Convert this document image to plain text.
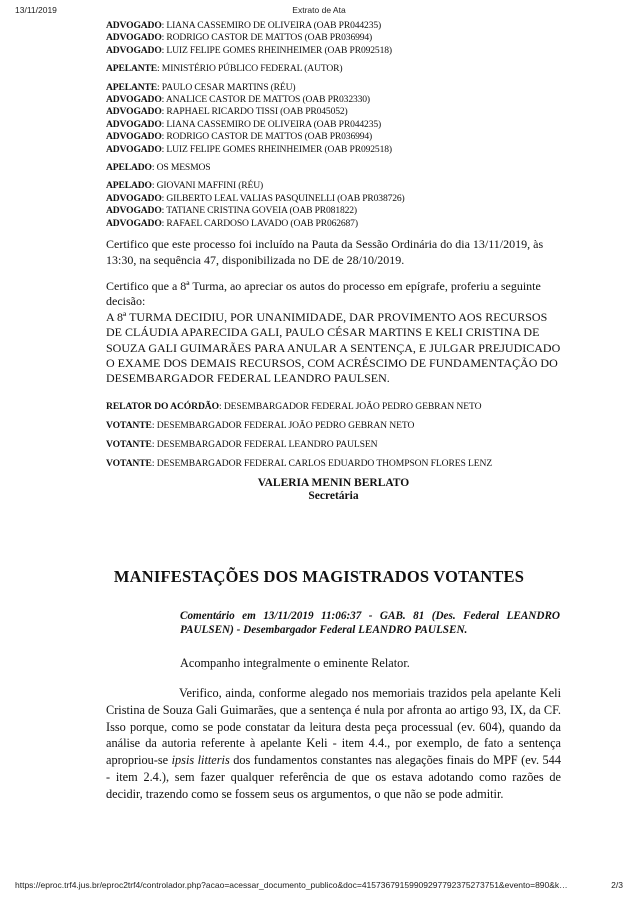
13/11/2019	Extrato de Ata
ADVOGADO: LIANA CASSEMIRO DE OLIVEIRA (OAB PR044235)
ADVOGADO: RODRIGO CASTOR DE MATTOS (OAB PR036994)
ADVOGADO: LUIZ FELIPE GOMES RHEINHEIMER (OAB PR092518)
APELANTE: MINISTÉRIO PÚBLICO FEDERAL (AUTOR)
APELANTE: PAULO CESAR MARTINS (RÉU)
ADVOGADO: ANALICE CASTOR DE MATTOS (OAB PR032330)
ADVOGADO: RAPHAEL RICARDO TISSI (OAB PR045052)
ADVOGADO: LIANA CASSEMIRO DE OLIVEIRA (OAB PR044235)
ADVOGADO: RODRIGO CASTOR DE MATTOS (OAB PR036994)
ADVOGADO: LUIZ FELIPE GOMES RHEINHEIMER (OAB PR092518)
APELADO: OS MESMOS
APELADO: GIOVANI MAFFINI (RÉU)
ADVOGADO: GILBERTO LEAL VALIAS PASQUINELLI (OAB PR038726)
ADVOGADO: TATIANE CRISTINA GOVEIA (OAB PR081822)
ADVOGADO: RAFAEL CARDOSO LAVADO (OAB PR062687)

Certifico que este processo foi incluído na Pauta da Sessão Ordinária do dia 13/11/2019, às 13:30, na sequência 47, disponibilizada no DE de 28/10/2019.

Certifico que a 8ª Turma, ao apreciar os autos do processo em epígrafe, proferiu a seguinte decisão:
A 8ª TURMA DECIDIU, POR UNANIMIDADE, DAR PROVIMENTO AOS RECURSOS DE CLÁUDIA APARECIDA GALI, PAULO CÉSAR MARTINS E KELI CRISTINA DE SOUZA GALI GUIMARÃES PARA ANULAR A SENTENÇA, E JULGAR PREJUDICADO O EXAME DOS DEMAIS RECURSOS, COM ACRÉSCIMO DE FUNDAMENTAÇÃO DO DESEMBARGADOR FEDERAL LEANDRO PAULSEN.
RELATOR DO ACÓRDÃO: DESEMBARGADOR FEDERAL JOÃO PEDRO GEBRAN NETO
VOTANTE: DESEMBARGADOR FEDERAL JOÃO PEDRO GEBRAN NETO
VOTANTE: DESEMBARGADOR FEDERAL LEANDRO PAULSEN
VOTANTE: DESEMBARGADOR FEDERAL CARLOS EDUARDO THOMPSON FLORES LENZ
VALERIA MENIN BERLATO
Secretária
MANIFESTAÇÕES DOS MAGISTRADOS VOTANTES
Comentário em 13/11/2019 11:06:37 - GAB. 81 (Des. Federal LEANDRO PAULSEN) - Desembargador Federal LEANDRO PAULSEN.
Acompanho integralmente o eminente Relator.
Verifico, ainda, conforme alegado nos memoriais trazidos pela apelante Keli Cristina de Souza Gali Guimarães, que a sentença é nula por afronta ao artigo 93, IX, da CF. Isso porque, como se pode constatar da leitura desta peça processual (ev. 604), quando da análise da autoria referente à apelante Keli - item 4.4., por exemplo, de fato a sentença apropriou-se ipsis litteris dos fundamentos constantes nas alegações finais do MPF (ev. 544 - item 2.4.), sem fazer qualquer referência de que os estava adotando como razões de decidir, trazendo como se fossem seus os argumentos, o que não se pode admitir.
https://eproc.trf4.jus.br/eproc2trf4/controlador.php?acao=acessar_documento_publico&doc=41573679159909297792375273751&evento=890&k…	2/3
